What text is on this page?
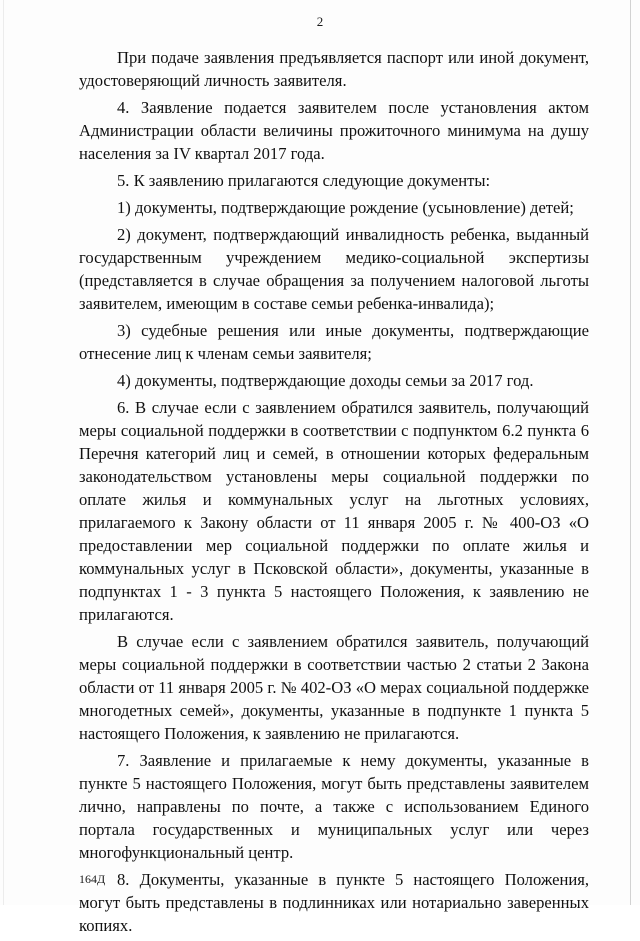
2

При подаче заявления предъявляется паспорт или иной документ, удостоверяющий личность заявителя.

4. Заявление подается заявителем после установления актом Администрации области величины прожиточного минимума на душу населения за IV квартал 2017 года.

5. К заявлению прилагаются следующие документы:

1) документы, подтверждающие рождение (усыновление) детей;

2) документ, подтверждающий инвалидность ребенка, выданный государственным учреждением медико-социальной экспертизы (представляется в случае обращения за получением налоговой льготы заявителем, имеющим в составе семьи ребенка-инвалида);

3) судебные решения или иные документы, подтверждающие отнесение лиц к членам семьи заявителя;

4) документы, подтверждающие доходы семьи за 2017 год.

6. В случае если с заявлением обратился заявитель, получающий меры социальной поддержки в соответствии с подпунктом 6.2 пункта 6 Перечня категорий лиц и семей, в отношении которых федеральным законодательством установлены меры социальной поддержки по оплате жилья и коммунальных услуг на льготных условиях, прилагаемого к Закону области от 11 января 2005 г. № 400-ОЗ «О предоставлении мер социальной поддержки по оплате жилья и коммунальных услуг в Псковской области», документы, указанные в подпунктах 1 - 3 пункта 5 настоящего Положения, к заявлению не прилагаются.

В случае если с заявлением обратился заявитель, получающий меры социальной поддержки в соответствии частью 2 статьи 2 Закона области от 11 января 2005 г. № 402-ОЗ «О мерах социальной поддержке многодетных семей», документы, указанные в подпункте 1 пункта 5 настоящего Положения, к заявлению не прилагаются.

7. Заявление и прилагаемые к нему документы, указанные в пункте 5 настоящего Положения, могут быть представлены заявителем лично, направлены по почте, а также с использованием Единого портала государственных и муниципальных услуг или через многофункциональный центр.

8. Документы, указанные в пункте 5 настоящего Положения, могут быть представлены в подлинниках или нотариально заверенных копиях.

164Д
